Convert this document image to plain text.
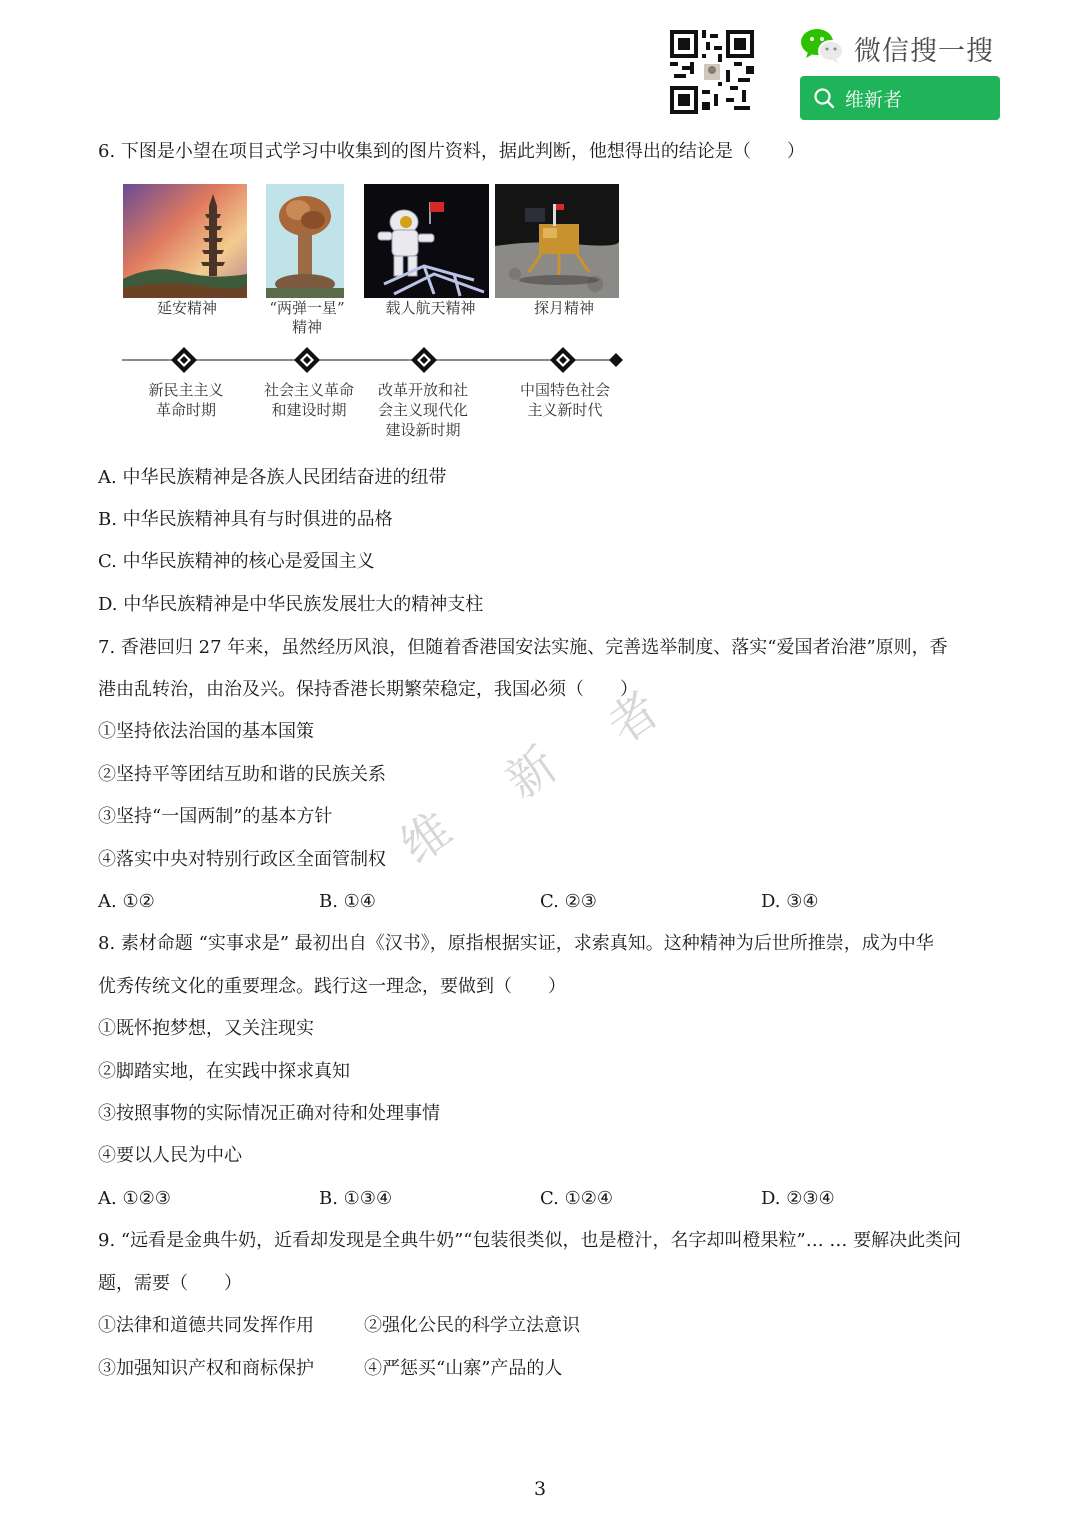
微信搜一搜
维新者
6. 下图是小望在项目式学习中收集到的图片资料，据此判断，他想得出的结论是（　　）
延安精神	“两弹一星”
精神
载人航天精神	探月精神
新民主主义
革命时期
社会主义革命
和建设时期
改革开放和社
会主义现代化
建设新时期
中国特色社会
主义新时代
A. 中华民族精神是各族人民团结奋进的纽带
B. 中华民族精神具有与时俱进的品格
C. 中华民族精神的核心是爱国主义
D. 中华民族精神是中华民族发展壮大的精神支柱
7. 香港回归 27 年来，虽然经历风浪，但随着香港国安法实施、完善选举制度、落实“爱国者治港”原则，香
港由乱转治，由治及兴。保持香港长期繁荣稳定，我国必须（　　）
①坚持依法治国的基本国策
②坚持平等团结互助和谐的民族关系
③坚持“一国两制”的基本方针
④落实中央对特别行政区全面管制权
A. ①②	B. ①④	C. ②③	D. ③④
8. 素材命题 “实事求是” 最初出自《汉书》，原指根据实证，求索真知。这种精神为后世所推崇，成为中华
优秀传统文化的重要理念。践行这一理念，要做到（　　）
①既怀抱梦想，又关注现实
②脚踏实地，在实践中探求真知
③按照事物的实际情况正确对待和处理事情
④要以人民为中心
A. ①②③	B. ①③④	C. ①②④	D. ②③④
9. “远看是金典牛奶，近看却发现是全典牛奶”“包装很类似，也是橙汁，名字却叫橙果粒”… … 要解决此类问
题，需要（　　）
①法律和道德共同发挥作用	②强化公民的科学立法意识
③加强知识产权和商标保护	④严惩买“山寨”产品的人
维
新
者
3
